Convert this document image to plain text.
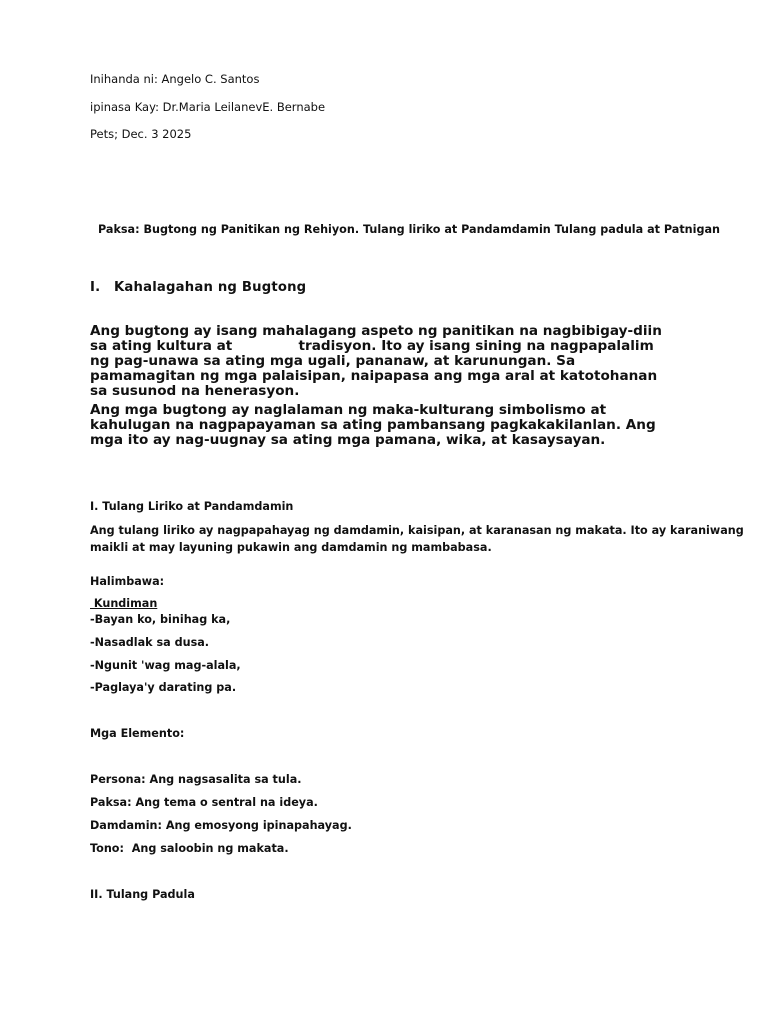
Inihanda ni: Angelo C. Santos

ipinasa Kay: Dr.Maria LeilanevE. Bernabe

Pets; Dec. 3 2025

Paksa: Bugtong ng Panitikan ng Rehiyon. Tulang liriko at Pandamdamin Tulang padula at Patnigan

I. Kahalagahan ng Bugtong
Ang bugtong ay isang mahalagang aspeto ng panitikan na nagbibigay-diin
sa ating kultura at              tradisyon. Ito ay isang sining na nagpapalalim
ng pag-unawa sa ating mga ugali, pananaw, at karunungan. Sa
pamamagitan ng mga palaisipan, naipapasa ang mga aral at katotohanan
sa susunod na henerasyon.
Ang mga bugtong ay naglalaman ng maka-kulturang simbolismo at
kahulugan na nagpapayaman sa ating pambansang pagkakakilanlan. Ang
mga ito ay nag-uugnay sa ating mga pamana, wika, at kasaysayan.

I. Tulang Liriko at Pandamdamin

Ang tulang liriko ay nagpapahayag ng damdamin, kaisipan, at karanasan ng makata. Ito ay karaniwang
maikli at may layuning pukawin ang damdamin ng mambabasa.

Halimbawa:

Kundiman

-Bayan ko, binihag ka,

-Nasadlak sa dusa.

-Ngunit 'wag mag-alala,

-Paglaya'y darating pa.

Mga Elemento:

Persona: Ang nagsasalita sa tula.

Paksa: Ang tema o sentral na ideya.

Damdamin: Ang emosyong ipinapahayag.

Tono:  Ang saloobin ng makata.

II. Tulang Padula
